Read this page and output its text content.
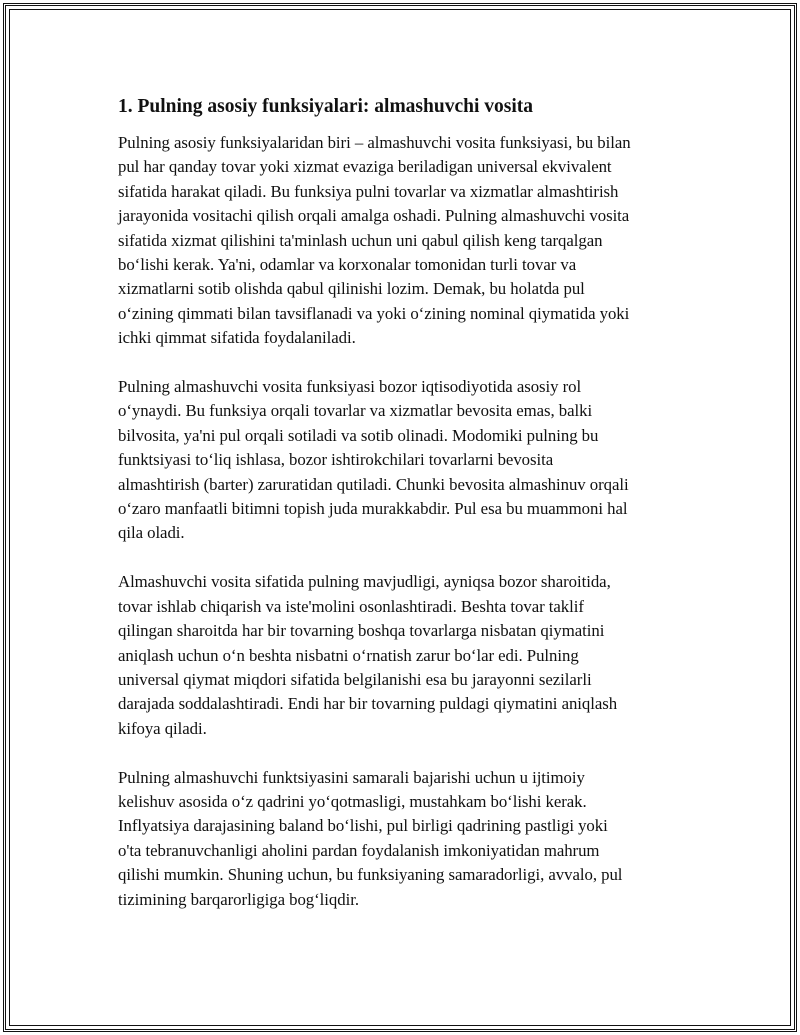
1. Pulning asosiy funksiyalari: almashuvchi vosita

Pulning asosiy funksiyalaridan biri – almashuvchi vosita funksiyasi, bu bilan
pul har qanday tovar yoki xizmat evaziga beriladigan universal ekvivalent
sifatida harakat qiladi. Bu funksiya pulni tovarlar va xizmatlar almashtirish
jarayonida vositachi qilish orqali amalga oshadi. Pulning almashuvchi vosita
sifatida xizmat qilishini ta'minlash uchun uni qabul qilish keng tarqalgan
bo‘lishi kerak. Ya'ni, odamlar va korxonalar tomonidan turli tovar va
xizmatlarni sotib olishda qabul qilinishi lozim. Demak, bu holatda pul
o‘zining qimmati bilan tavsiflanadi va yoki o‘zining nominal qiymatida yoki
ichki qimmat sifatida foydalaniladi.

Pulning almashuvchi vosita funksiyasi bozor iqtisodiyotida asosiy rol
o‘ynaydi. Bu funksiya orqali tovarlar va xizmatlar bevosita emas, balki
bilvosita, ya'ni pul orqali sotiladi va sotib olinadi. Modomiki pulning bu
funktsiyasi to‘liq ishlasa, bozor ishtirokchilari tovarlarni bevosita
almashtirish (barter) zaruratidan qutiladi. Chunki bevosita almashinuv orqali
o‘zaro manfaatli bitimni topish juda murakkabdir. Pul esa bu muammoni hal
qila oladi.

Almashuvchi vosita sifatida pulning mavjudligi, ayniqsa bozor sharoitida,
tovar ishlab chiqarish va iste'molini osonlashtiradi. Beshta tovar taklif
qilingan sharoitda har bir tovarning boshqa tovarlarga nisbatan qiymatini
aniqlash uchun o‘n beshta nisbatni o‘rnatish zarur bo‘lar edi. Pulning
universal qiymat miqdori sifatida belgilanishi esa bu jarayonni sezilarli
darajada soddalashtiradi. Endi har bir tovarning puldagi qiymatini aniqlash
kifoya qiladi.

Pulning almashuvchi funktsiyasini samarali bajarishi uchun u ijtimoiy
kelishuv asosida o‘z qadrini yo‘qotmasligi, mustahkam bo‘lishi kerak.
Inflyatsiya darajasining baland bo‘lishi, pul birligi qadrining pastligi yoki
o'ta tebranuvchanligi aholini pardan foydalanish imkoniyatidan mahrum
qilishi mumkin. Shuning uchun, bu funksiyaning samaradorligi, avvalo, pul
tizimining barqarorligiga bog‘liqdir.
